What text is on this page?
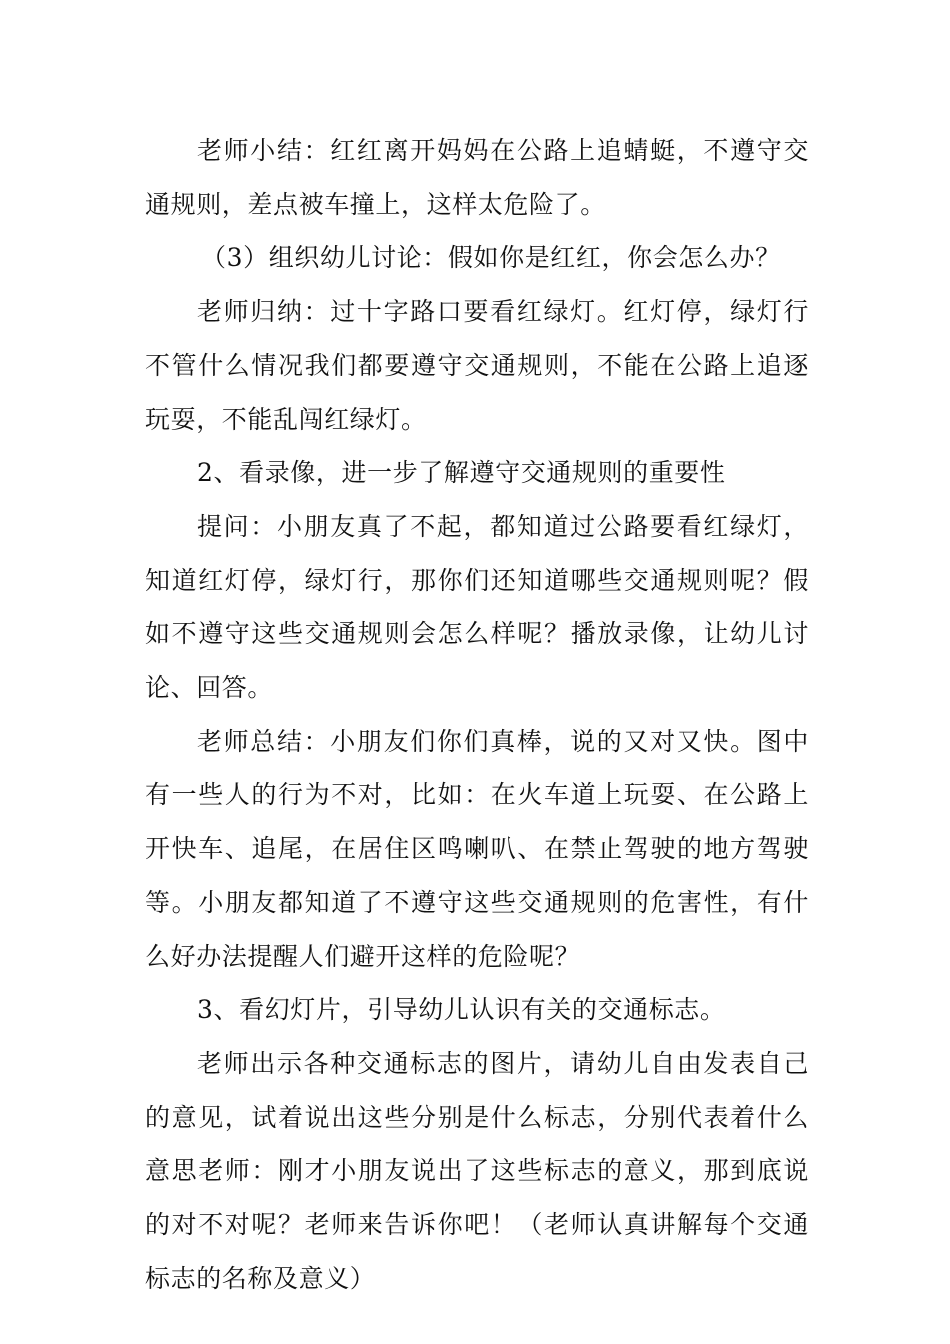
老师小结：红红离开妈妈在公路上追蜻蜓，不遵守交通规则，差点被车撞上，这样太危险了。

（3）组织幼儿讨论：假如你是红红，你会怎么办？

老师归纳：过十字路口要看红绿灯。红灯停，绿灯行不管什么情况我们都要遵守交通规则，不能在公路上追逐玩耍，不能乱闯红绿灯。

2、看录像，进一步了解遵守交通规则的重要性

提问：小朋友真了不起，都知道过公路要看红绿灯，知道红灯停，绿灯行，那你们还知道哪些交通规则呢？假如不遵守这些交通规则会怎么样呢？播放录像，让幼儿讨论、回答。

老师总结：小朋友们你们真棒，说的又对又快。图中有一些人的行为不对，比如：在火车道上玩耍、在公路上开快车、追尾，在居住区鸣喇叭、在禁止驾驶的地方驾驶等。小朋友都知道了不遵守这些交通规则的危害性，有什么好办法提醒人们避开这样的危险呢？

3、看幻灯片，引导幼儿认识有关的交通标志。

老师出示各种交通标志的图片，请幼儿自由发表自己的意见，试着说出这些分别是什么标志，分别代表着什么意思老师：刚才小朋友说出了这些标志的意义，那到底说的对不对呢？老师来告诉你吧！（老师认真讲解每个交通标志的名称及意义）
